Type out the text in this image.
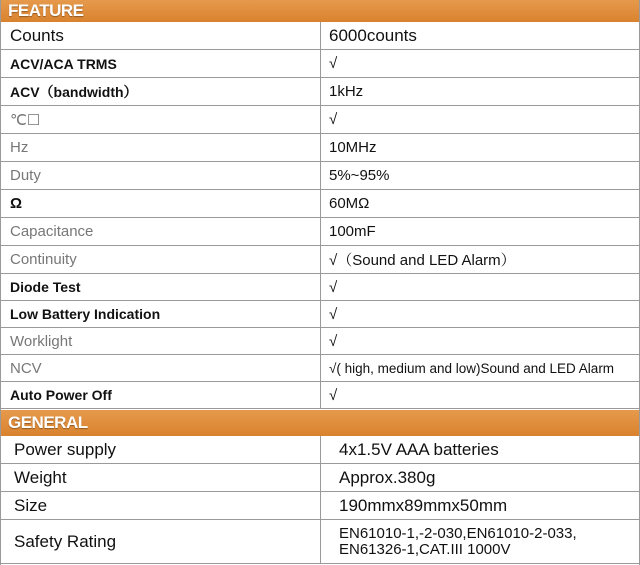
FEATURE
Counts	6000counts
ACV/ACA TRMS	√
ACV（bandwidth）	1kHz
℃☐	√
Hz	10MHz
Duty	5%~95%
Ω	60MΩ
Capacitance	100mF
Continuity	√（Sound and LED Alarm）
Diode Test	√
Low Battery Indication	√
Worklight	√
NCV	√( high, medium and low)Sound and LED Alarm
Auto Power Off	√
GENERAL
Power supply	4x1.5V AAA batteries
Weight	Approx.380g
Size	190mmx89mmx50mm
Safety Rating	EN61010-1,-2-030,EN61010-2-033, EN61326-1,CAT.III 1000V
